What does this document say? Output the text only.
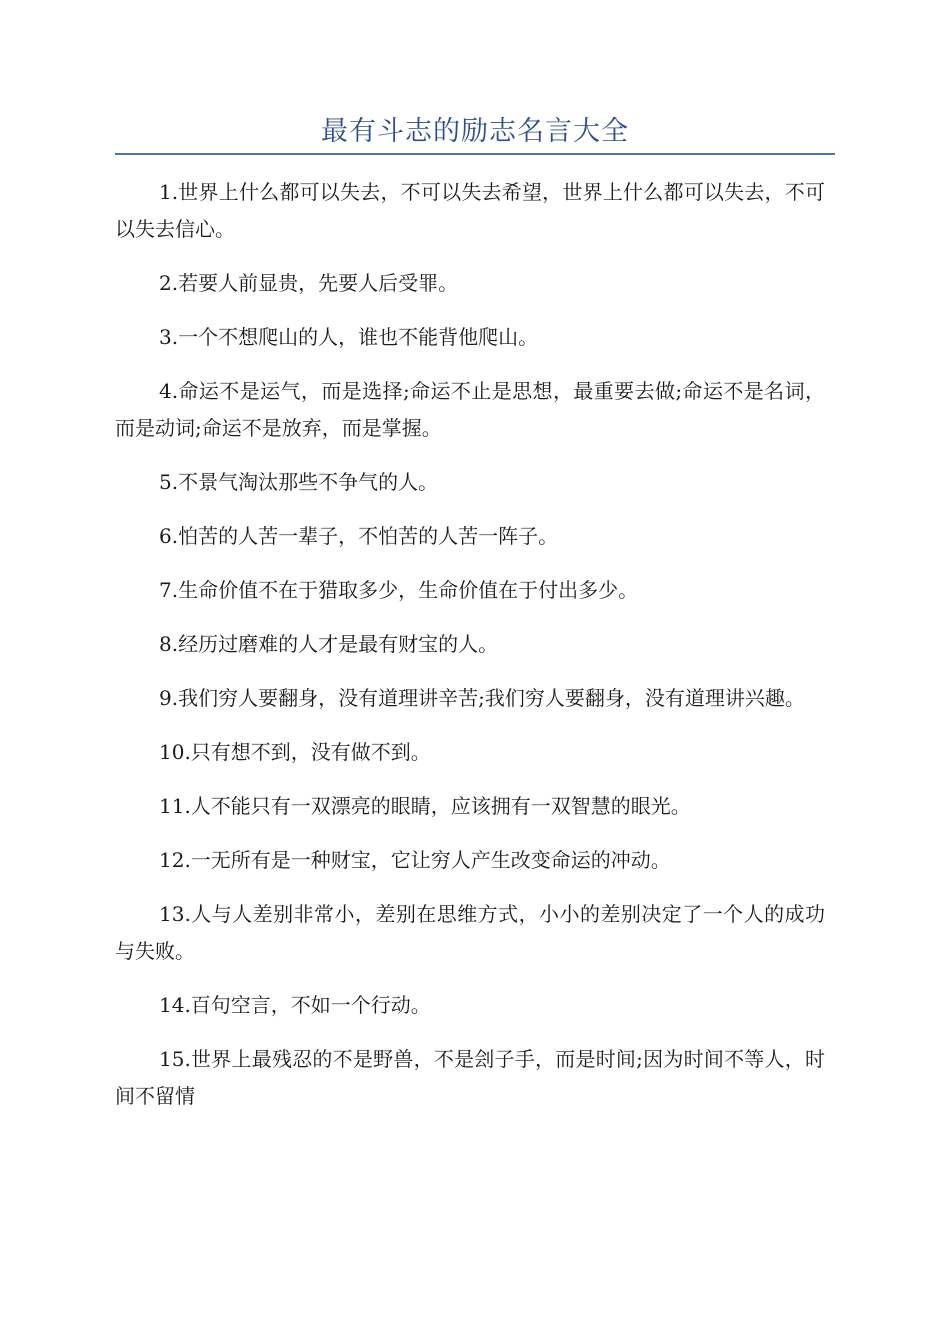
最有斗志的励志名言大全

1.世界上什么都可以失去，不可以失去希望，世界上什么都可以失去，不可以失去信心。

2.若要人前显贵，先要人后受罪。

3.一个不想爬山的人，谁也不能背他爬山。

4.命运不是运气，而是选择;命运不止是思想，最重要去做;命运不是名词，而是动词;命运不是放弃，而是掌握。

5.不景气淘汰那些不争气的人。

6.怕苦的人苦一辈子，不怕苦的人苦一阵子。

7.生命价值不在于猎取多少，生命价值在于付出多少。

8.经历过磨难的人才是最有财宝的人。

9.我们穷人要翻身，没有道理讲辛苦;我们穷人要翻身，没有道理讲兴趣。

10.只有想不到，没有做不到。

11.人不能只有一双漂亮的眼睛，应该拥有一双智慧的眼光。

12.一无所有是一种财宝，它让穷人产生改变命运的冲动。

13.人与人差别非常小，差别在思维方式，小小的差别决定了一个人的成功与失败。

14.百句空言，不如一个行动。

15.世界上最残忍的不是野兽，不是刽子手，而是时间;因为时间不等人，时间不留情
